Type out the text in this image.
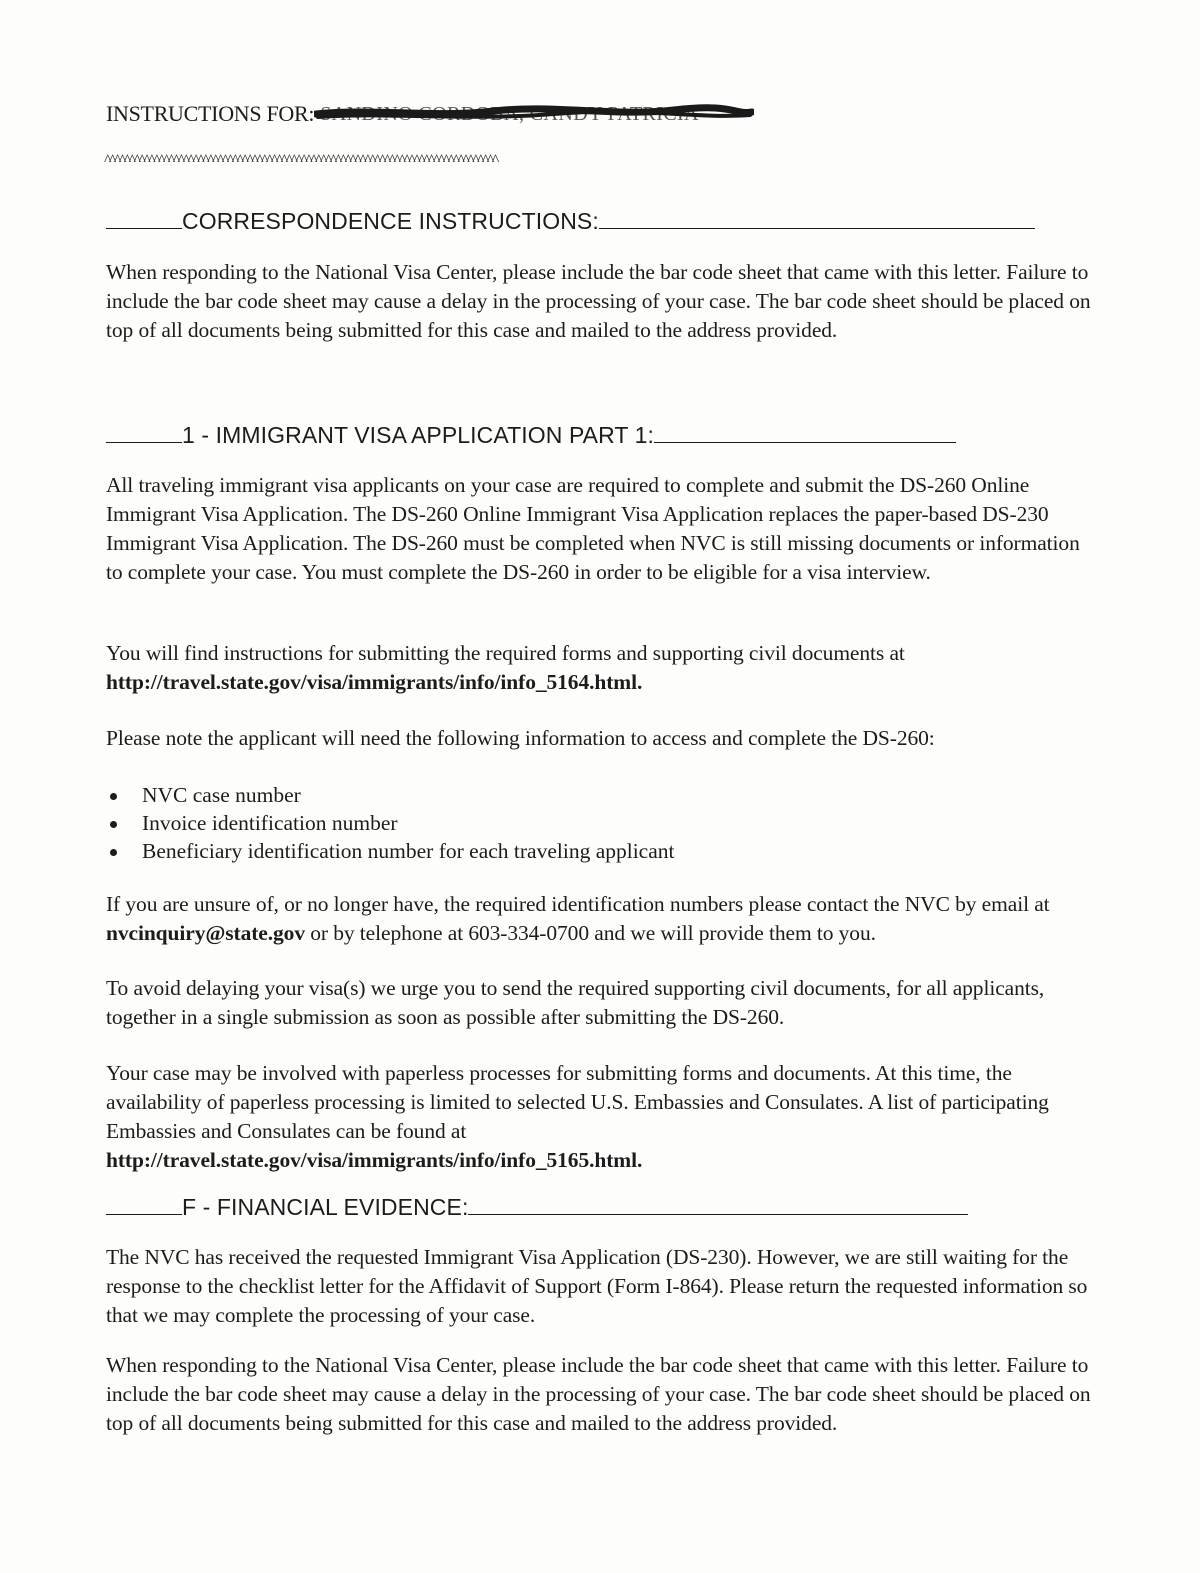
INSTRUCTIONS FOR: SANDINO CORDOBA, CANDY PATRICIA
^^^^^^^^^^^^^^^^^^^^^^^^^^^^^^^^^^^^^^^^^^^^^^^^^^^^^^^^^^^^^^^^^^^^^^^^^^^^^^^^
CORRESPONDENCE INSTRUCTIONS:

When responding to the National Visa Center, please include the bar code sheet that came with this letter. Failure to include the bar code sheet may cause a delay in the processing of your case. The bar code sheet should be placed on top of all documents being submitted for this case and mailed to the address provided.

1 - IMMIGRANT VISA APPLICATION PART 1:

All traveling immigrant visa applicants on your case are required to complete and submit the DS-260 Online Immigrant Visa Application. The DS-260 Online Immigrant Visa Application replaces the paper-based DS-230 Immigrant Visa Application. The DS-260 must be completed when NVC is still missing documents or information to complete your case. You must complete the DS-260 in order to be eligible for a visa interview.

You will find instructions for submitting the required forms and supporting civil documents at
http://travel.state.gov/visa/immigrants/info/info_5164.html.

Please note the applicant will need the following information to access and complete the DS-260:

NVC case number
Invoice identification number
Beneficiary identification number for each traveling applicant

If you are unsure of, or no longer have, the required identification numbers please contact the NVC by email at nvcinquiry@state.gov or by telephone at 603-334-0700 and we will provide them to you.

To avoid delaying your visa(s) we urge you to send the required supporting civil documents, for all applicants, together in a single submission as soon as possible after submitting the DS-260.

Your case may be involved with paperless processes for submitting forms and documents. At this time, the availability of paperless processing is limited to selected U.S. Embassies and Consulates. A list of participating Embassies and Consulates can be found at
http://travel.state.gov/visa/immigrants/info/info_5165.html.

F - FINANCIAL EVIDENCE:

The NVC has received the requested Immigrant Visa Application (DS-230). However, we are still waiting for the response to the checklist letter for the Affidavit of Support (Form I-864). Please return the requested information so that we may complete the processing of your case.

When responding to the National Visa Center, please include the bar code sheet that came with this letter. Failure to include the bar code sheet may cause a delay in the processing of your case. The bar code sheet should be placed on top of all documents being submitted for this case and mailed to the address provided.
